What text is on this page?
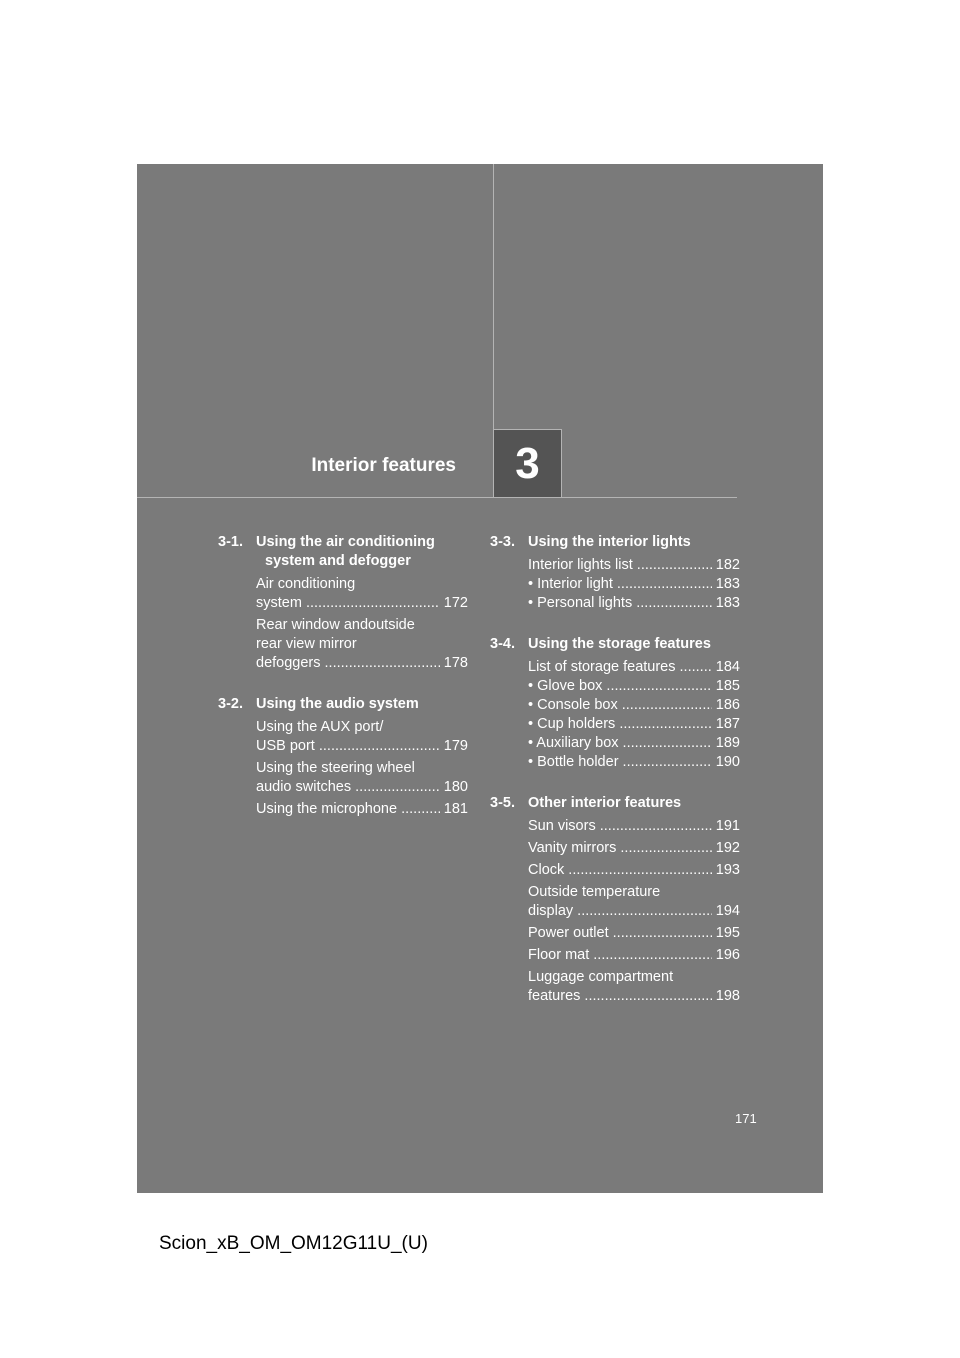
Interior features 3
3-1. Using the air conditioning
system and defogger
Air conditioning
system .....	172
Rear window andoutside rear view mirror
defoggers .....	178
3-2. Using the audio system
Using the AUX port/
USB port .....	179
Using the steering wheel
audio switches .....	180
Using the microphone .....	181
3-3. Using the interior lights
Interior lights list .....	182
• Interior light .....	183
• Personal lights .....	183
3-4. Using the storage features
List of storage features .....	184
• Glove box .....	185
• Console box .....	186
• Cup holders .....	187
• Auxiliary box .....	189
• Bottle holder .....	190
3-5. Other interior features
Sun visors .....	191
Vanity mirrors .....	192
Clock .....	193
Outside temperature
display .....	194
Power outlet .....	195
Floor mat .....	196
Luggage compartment
features .....	198
171
Scion_xB_OM_OM12G11U_(U)
